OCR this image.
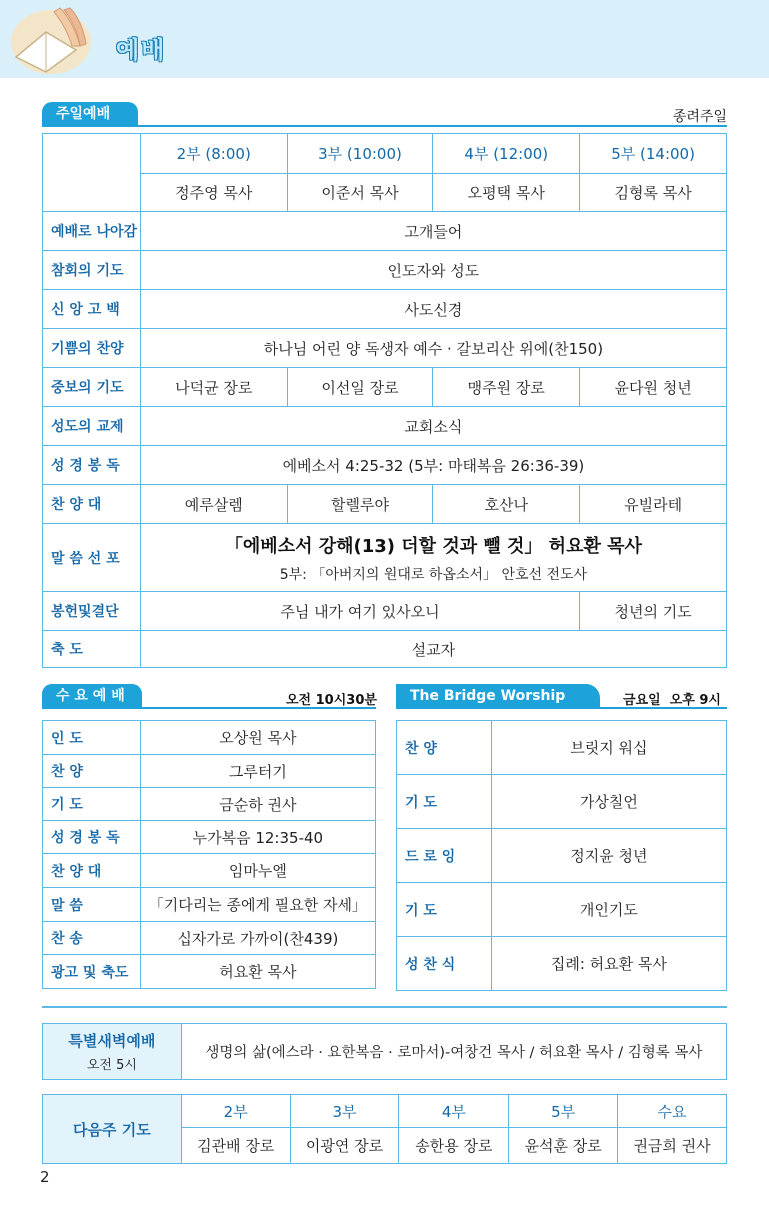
예배
주일예배	종려주일
	2부 (8:00)	3부 (10:00)	4부 (12:00)	5부 (14:00)
	정주영 목사	이준서 목사	오평택 목사	김형록 목사
예배로 나아감	고개들어			
참회의 기도	인도자와 성도			
신 앙 고 백	사도신경			
기쁨의 찬양	하나님 어린 양 독생자 예수 · 갈보리산 위에(찬150)			
중보의 기도	나덕균 장로	이선일 장로	맹주원 장로	윤다원 청년
성도의 교제	교회소식			
성 경 봉 독	에베소서 4:25-32 (5부: 마태복음 26:36-39)			
찬 양 대	예루살렘	할렐루야	호산나	유빌라테
말 씀 선 포	「에베소서 강해(13) 더할 것과 뺄 것」 허요환 목사
5부: 「아버지의 원대로 하옵소서」 안호선 전도사			

봉헌및결단	주님 내가 여기 있사오니			청년의 기도
축 도	설교자			
수 요 예 배	오전 10시30분
인 도	오상원 목사
찬 양	그루터기
기 도	금순하 권사
성 경 봉 독	누가복음 12:35-40
찬 양 대	임마누엘
말 씀	「기다리는 종에게 필요한 자세」
찬 송	십자가로 가까이(찬439)
광고 및 축도	허요환 목사
The Bridge Worship	금요일  오후 9시
찬 양	브릿지 워십
기 도	가상칠언
드 로 잉	정지윤 청년
기 도	개인기도
성 찬 식	집례: 허요환 목사
특별새벽예배
오전 5시
	생명의 삶(에스라 · 요한복음 · 로마서)-여창건 목사 / 허요환 목사 / 김형록 목사
다음주 기도	2부	3부	4부	5부	수요
	김관배 장로	이광연 장로	송한용 장로	윤석훈 장로	권금희 권사
2
